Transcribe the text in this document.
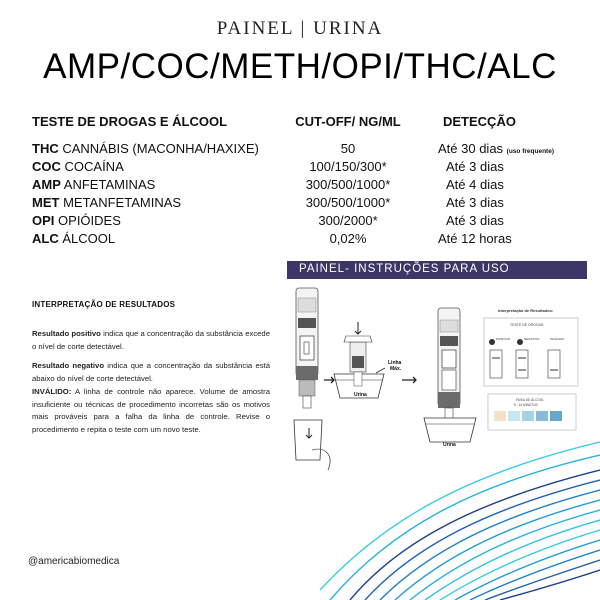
PAINEL | URINA
AMP/COC/METH/OPI/THC/ALC
TESTE DE DROGAS E ÁLCOOL	CUT-OFF/ NG/ML	DETECÇÃO
THC CANNÁBIS (MACONHA/HAXIXE)	50	Até 30 dias (uso frequente)
COC COCAÍNA	100/150/300*	Até 3 dias
AMP ANFETAMINAS	300/500/1000*	Até 4 dias
MET METANFETAMINAS	300/500/1000*	Até 3 dias
OPI OPIÓIDES	300/2000*	Até 3 dias
ALC ÁLCOOL	0,02%	Até 12 horas
PAINEL- INSTRUÇÕES PARA USO
INTERPRETAÇÃO DE RESULTADOS
Resultado positivo indica que a concentração da substância excede o nível de corte detectável.
Resultado negativo indica que a concentração da substância está abaixo do nível de corte detectável.
INVÁLIDO: A linha de controle não aparece. Volume de amostra insuficiente ou técnicas de procedimento incorretas são os motivos mais prováveis para a falha da linha de controle. Revise o procedimento e repita o teste com um novo teste.
Linha
Máx.
Urina
Urina
Interpretação de Resultados:
TESTE DE DROGAS:
POSITIVO	NEGATIVO	INVÁLIDO
FAIXA DE ÁLCOOL
5 - 10 MINUTOS
@americabiomedica
